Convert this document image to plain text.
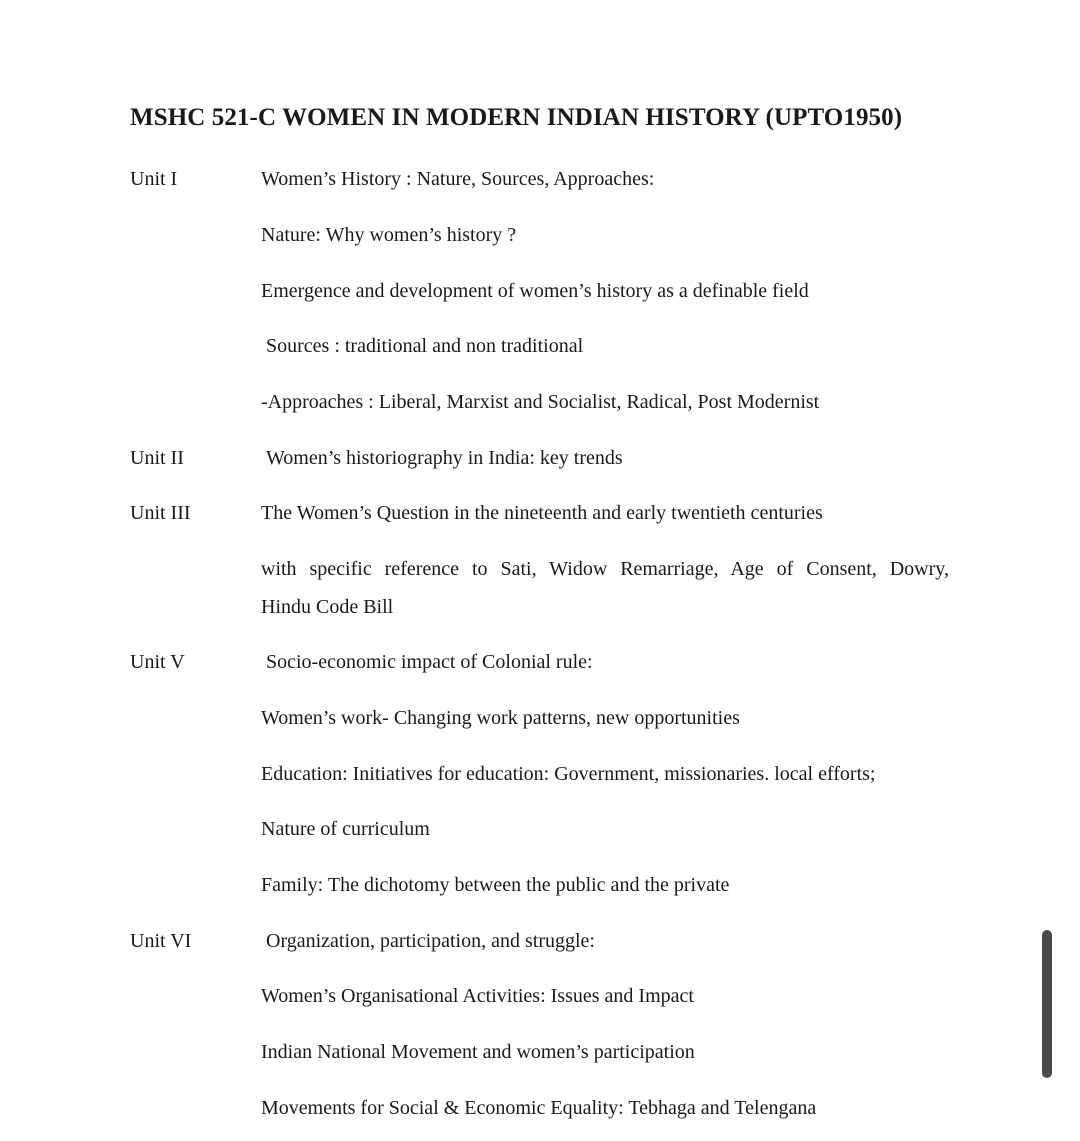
MSHC 521-C WOMEN IN MODERN INDIAN HISTORY (UPTO1950)
Unit I	Women’s History : Nature, Sources, Approaches:
Nature: Why women’s history ?
Emergence and development of women’s history as a definable field
Sources : traditional and non traditional
-Approaches : Liberal, Marxist and Socialist, Radical, Post Modernist
Unit II	Women’s historiography in India: key trends
Unit III	The Women’s Question in the nineteenth and early twentieth centuries
with specific reference to Sati, Widow Remarriage, Age of Consent, Dowry,
Hindu Code Bill
Unit V	Socio-economic impact of Colonial rule:
Women’s work- Changing work patterns, new opportunities
Education: Initiatives for education: Government, missionaries. local efforts;
Nature of curriculum
Family: The dichotomy between the public and the private
Unit VI	Organization, participation, and struggle:
Women’s Organisational Activities: Issues and Impact
Indian National Movement and women’s participation
Movements for Social & Economic Equality: Tebhaga and Telengana
